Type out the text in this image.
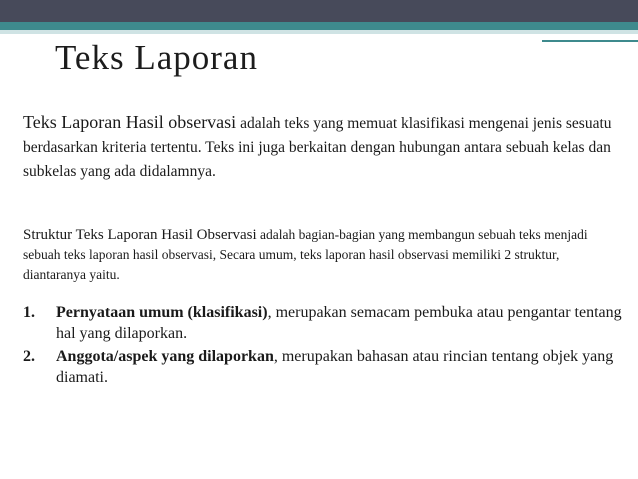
Teks Laporan
Teks Laporan Hasil observasi adalah teks yang memuat klasifikasi mengenai jenis sesuatu berdasarkan kriteria tertentu. Teks ini juga berkaitan dengan hubungan antara sebuah kelas dan subkelas yang ada didalamnya.
Struktur Teks Laporan Hasil Observasi adalah bagian-bagian yang membangun sebuah teks menjadi sebuah teks laporan hasil observasi, Secara umum, teks laporan hasil observasi memiliki 2 struktur, diantaranya yaitu.
1. Pernyataan umum (klasifikasi), merupakan semacam pembuka atau pengantar tentang hal yang dilaporkan.
2. Anggota/aspek yang dilaporkan, merupakan bahasan atau rincian tentang objek yang diamati.
